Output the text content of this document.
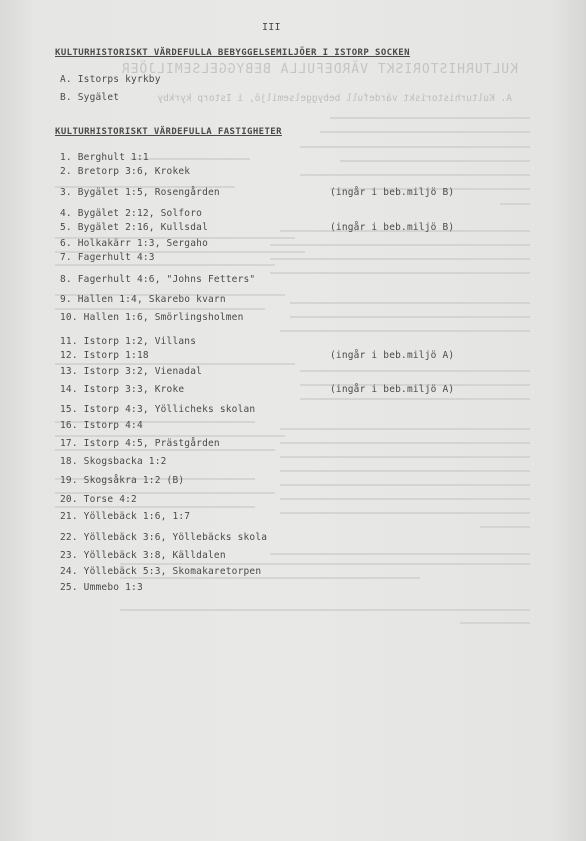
KULTURHISTORISKT VÄRDEFULLA BEBYGGELSEMILJÖER
A. Kulturhistoriskt värdefull bebyggelsemiljö, i Istorp kyrkby
III
KULTURHISTORISKT VÄRDEFULLA BEBYGGELSEMILJÖER I ISTORP SOCKEN
A. Istorps kyrkby
B. Sygälet
KULTURHISTORISKT VÄRDEFULLA FASTIGHETER
1. Berghult 1:1
2. Bretorp 3:6, Krokek
3. Bygälet 1:5, Rosengården	(ingår i beb.miljö B)
4. Bygälet 2:12, Solforo
5. Bygälet 2:16, Kullsdal	(ingår i beb.miljö B)
6. Holkakärr 1:3, Sergaho
7. Fagerhult 4:3
8. Fagerhult 4:6, "Johns Fetters"
9. Hallen 1:4, Skarebo kvarn
10. Hallen 1:6, Smörlingsholmen
11. Istorp 1:2, Villans
12. Istorp 1:18	(ingår i beb.miljö A)
13. Istorp 3:2, Vienadal
14. Istorp 3:3, Kroke	(ingår i beb.miljö A)
15. Istorp 4:3, Yöllicheks skolan
16. Istorp 4:4
17. Istorp 4:5, Prästgården
18. Skogsbacka 1:2
19. Skogsåkra 1:2 (B)
20. Torse 4:2
21. Yöllebäck 1:6, 1:7
22. Yöllebäck 3:6, Yöllebäcks skola
23. Yöllebäck 3:8, Källdalen
24. Yöllebäck 5:3, Skomakaretorpen
25. Ummebo 1:3
